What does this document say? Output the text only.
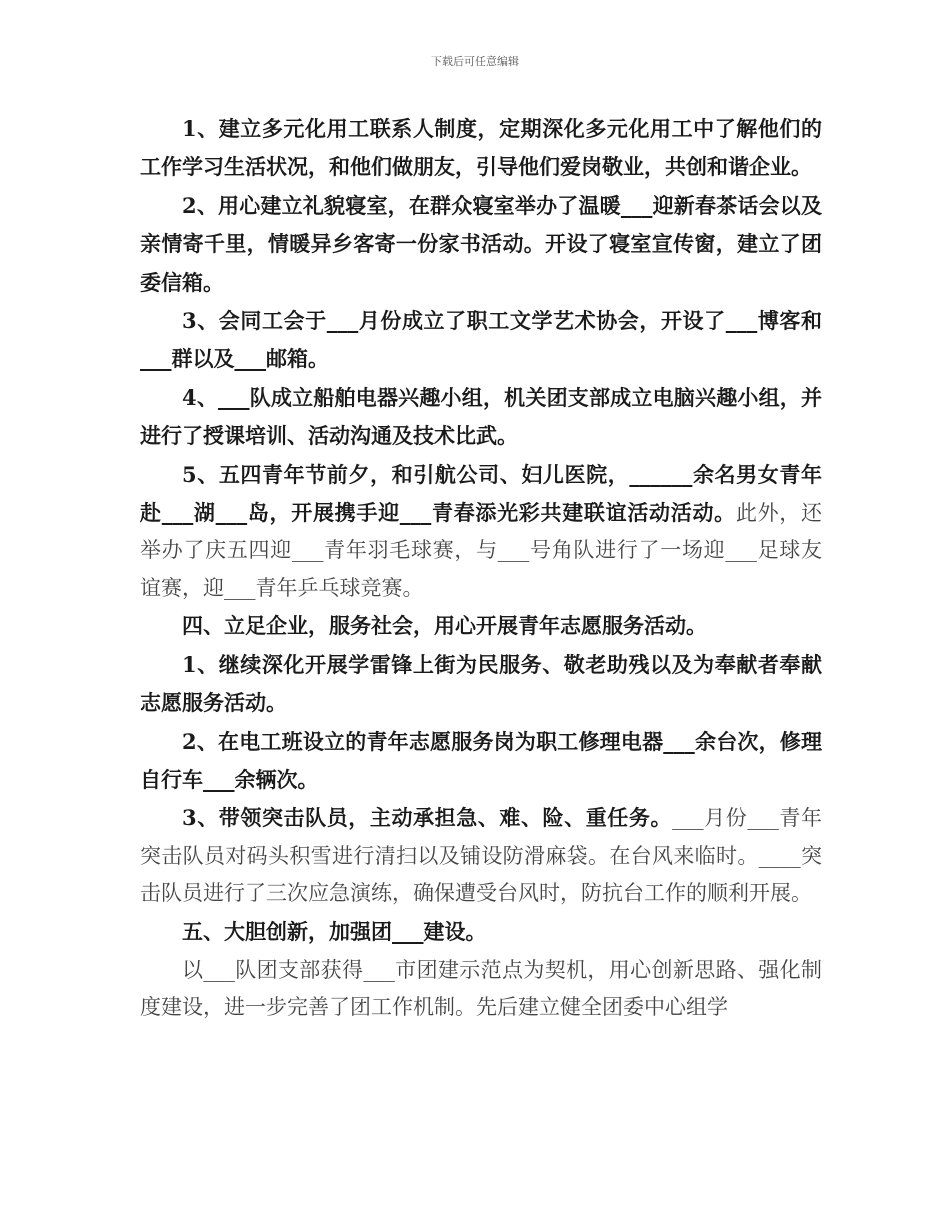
下载后可任意编辑

1、建立多元化用工联系人制度，定期深化多元化用工中了解他们的工作学习生活状况，和他们做朋友，引导他们爱岗敬业，共创和谐企业。

2、用心建立礼貌寝室，在群众寝室举办了温暖___迎新春茶话会以及亲情寄千里，情暖异乡客寄一份家书活动。开设了寝室宣传窗，建立了团委信箱。

3、会同工会于___月份成立了职工文学艺术协会，开设了___博客和___群以及___邮箱。

4、___队成立船舶电器兴趣小组，机关团支部成立电脑兴趣小组，并进行了授课培训、活动沟通及技术比武。

5、五四青年节前夕，和引航公司、妇儿医院，______余名男女青年赴___湖___岛，开展携手迎___青春添光彩共建联谊活动活动。此外，还举办了庆五四迎___青年羽毛球赛，与___号角队进行了一场迎___足球友谊赛，迎___青年乒乓球竞赛。

四、立足企业，服务社会，用心开展青年志愿服务活动。

1、继续深化开展学雷锋上街为民服务、敬老助残以及为奉献者奉献志愿服务活动。

2、在电工班设立的青年志愿服务岗为职工修理电器___余台次，修理自行车___余辆次。

3、带领突击队员，主动承担急、难、险、重任务。___月份___青年突击队员对码头积雪进行清扫以及铺设防滑麻袋。在台风来临时。____突击队员进行了三次应急演练，确保遭受台风时，防抗台工作的顺利开展。

五、大胆创新，加强团___建设。

以___队团支部获得___市团建示范点为契机，用心创新思路、强化制度建设，进一步完善了团工作机制。先后建立健全团委中心组学
